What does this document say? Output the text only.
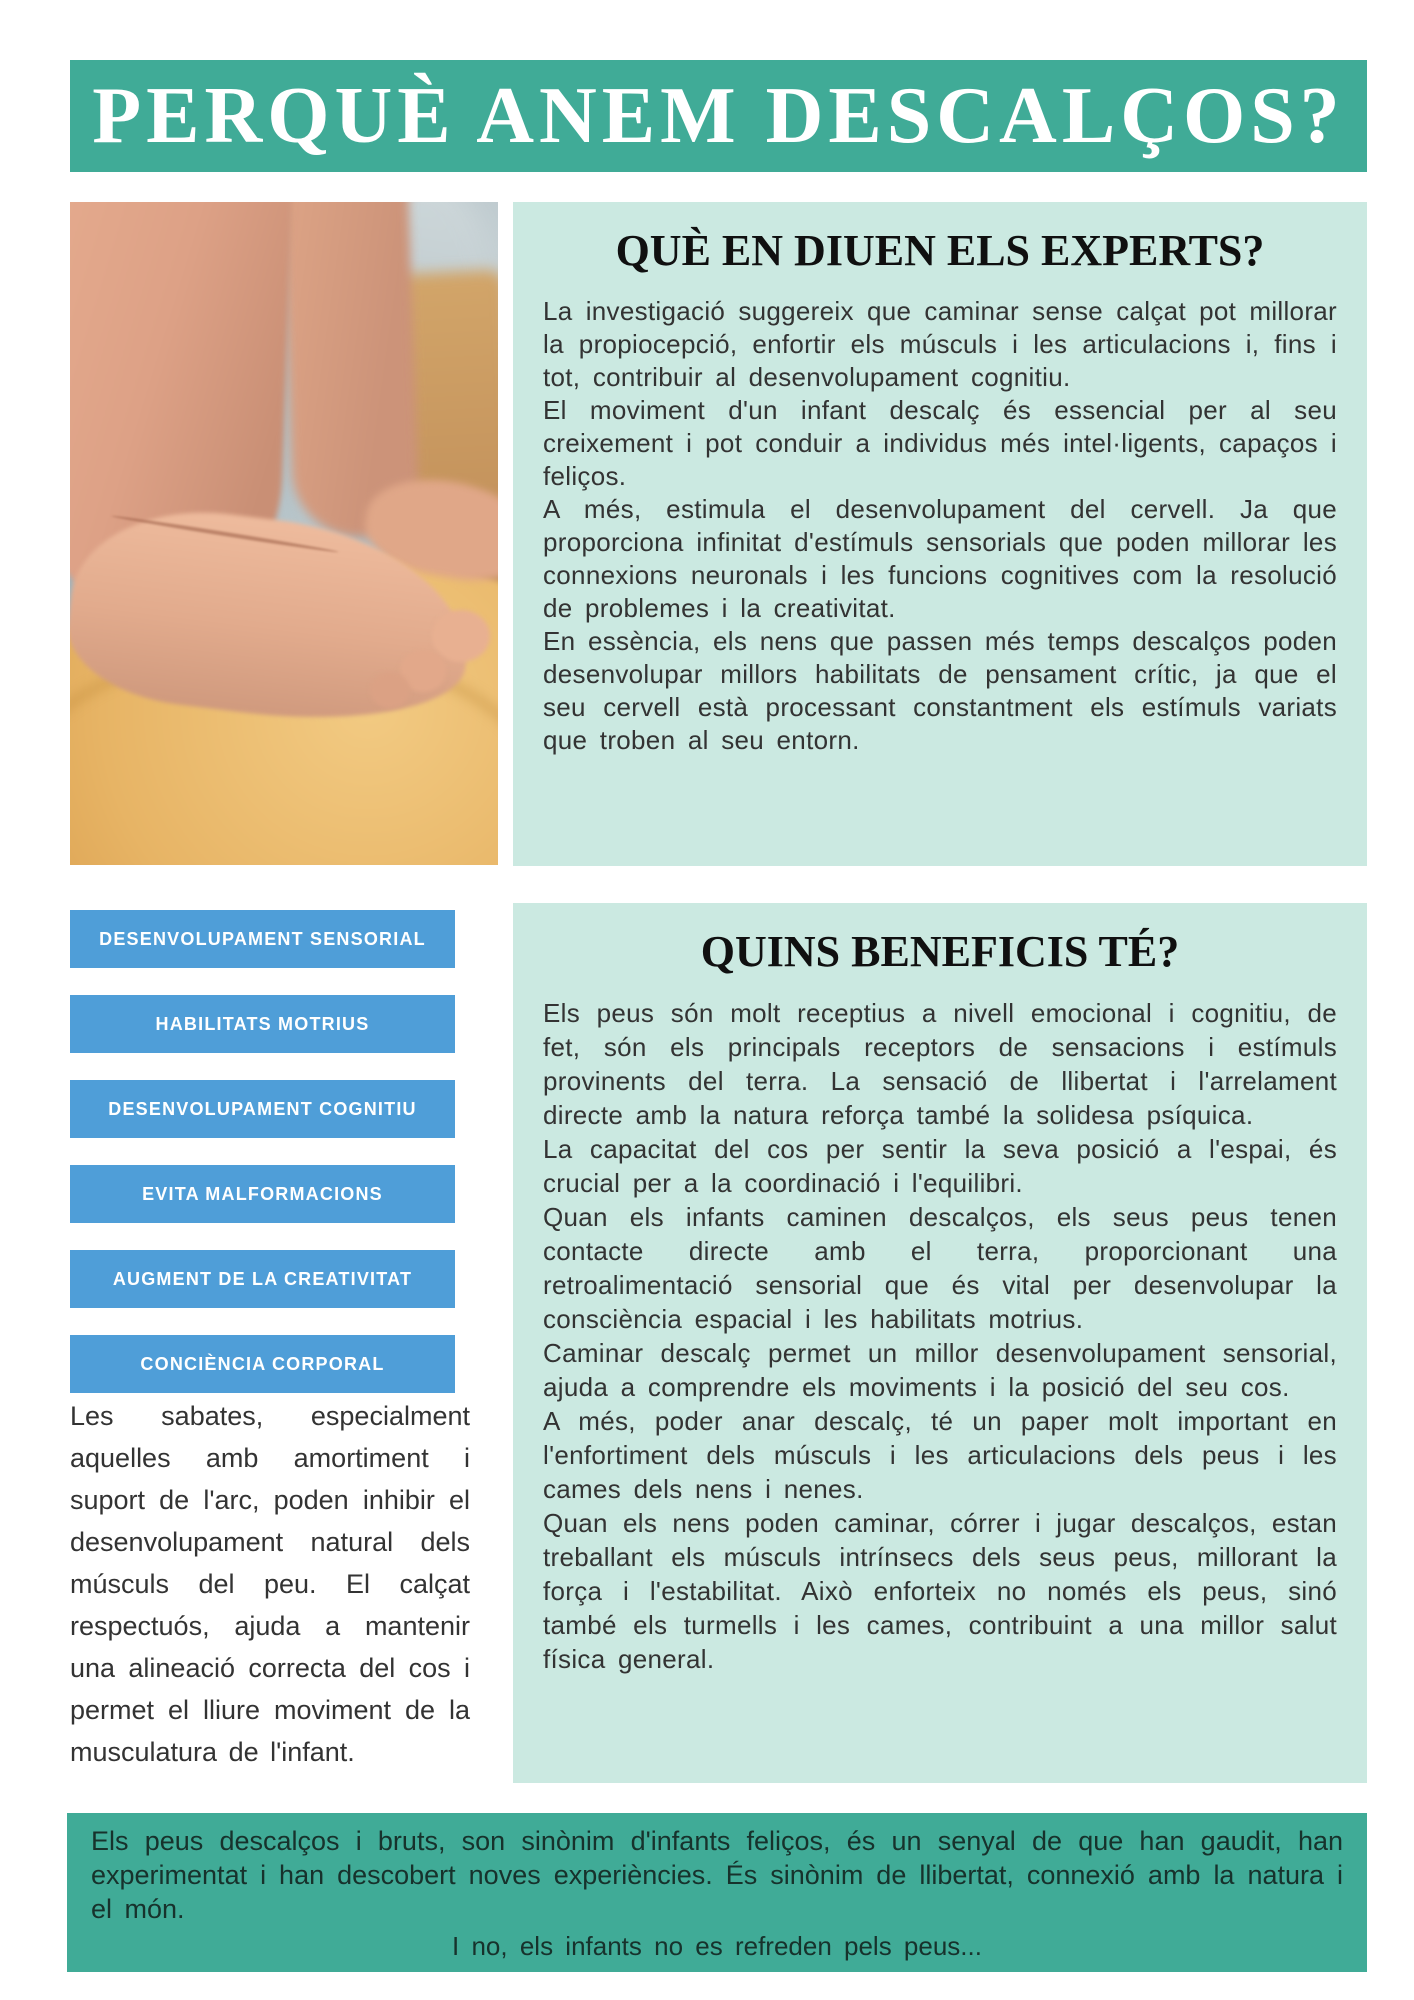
PERQUÈ ANEM DESCALÇOS?
QUÈ EN DIUEN ELS EXPERTS?

La investigació suggereix que caminar sense calçat pot millorar la propiocepció, enfortir els músculs i les articulacions i, fins i tot, contribuir al desenvolupament cognitiu.

El moviment d'un infant descalç és essencial per al seu creixement i pot conduir a individus més intel·ligents, capaços i feliços.

A més, estimula el desenvolupament del cervell. Ja que proporciona infinitat d'estímuls sensorials que poden millorar les connexions neuronals i les funcions cognitives com la resolució de problemes i la creativitat.

En essència, els nens que passen més temps descalços poden desenvolupar millors habilitats de pensament crític, ja que el seu cervell està processant constantment els estímuls variats que troben al seu entorn.

DESENVOLUPAMENT SENSORIAL
HABILITATS MOTRIUS
DESENVOLUPAMENT COGNITIU
EVITA MALFORMACIONS
AUGMENT DE LA CREATIVITAT
CONCIÈNCIA CORPORAL

Les sabates, especialment aquelles amb amortiment i suport de l'arc, poden inhibir el desenvolupament natural dels músculs del peu. El calçat respectuós, ajuda a mantenir una alineació correcta del cos i permet el lliure moviment de la musculatura de l'infant.

QUINS BENEFICIS TÉ?

Els peus són molt receptius a nivell emocional i cognitiu, de fet, són els principals receptors de sensacions i estímuls provinents del terra. La sensació de llibertat i l'arrelament directe amb la natura reforça també la solidesa psíquica.

La capacitat del cos per sentir la seva posició a l'espai, és crucial per a la coordinació i l'equilibri.

Quan els infants caminen descalços, els seus peus tenen contacte directe amb el terra, proporcionant una retroalimentació sensorial que és vital per desenvolupar la consciència espacial i les habilitats motrius.

Caminar descalç permet un millor desenvolupament sensorial, ajuda a comprendre els moviments i la posició del seu cos.

A més, poder anar descalç, té un paper molt important en l'enfortiment dels músculs i les articulacions dels peus i les cames dels nens i nenes.

Quan els nens poden caminar, córrer i jugar descalços, estan treballant els músculs intrínsecs dels seus peus, millorant la força i l'estabilitat. Això enforteix no només els peus, sinó també els turmells i les cames, contribuint a una millor salut física general.

Els peus descalços i bruts, son sinònim d'infants feliços, és un senyal de que han gaudit, han experimentat i han descobert noves experiències. És sinònim de llibertat, connexió amb la natura i el món.

I no, els infants no es refreden pels peus...
